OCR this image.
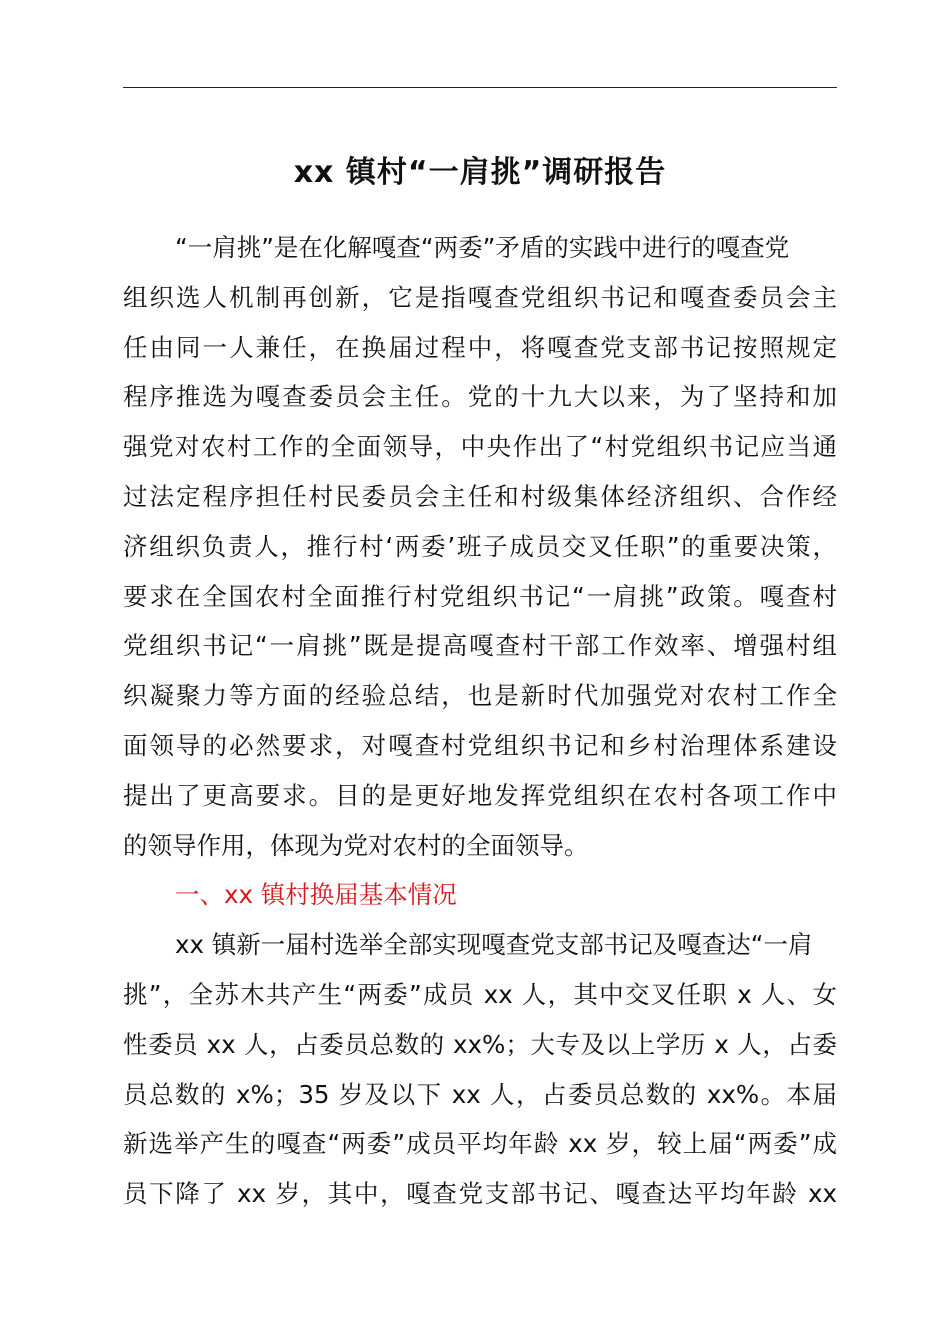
xx 镇村“一肩挑”调研报告
“一肩挑”是在化解嘎查“两委”矛盾的实践中进行的嘎查党
组织选人机制再创新，它是指嘎查党组织书记和嘎查委员会主
任由同一人兼任，在换届过程中，将嘎查党支部书记按照规定
程序推选为嘎查委员会主任。党的十九大以来，为了坚持和加
强党对农村工作的全面领导，中央作出了“村党组织书记应当通
过法定程序担任村民委员会主任和村级集体经济组织、合作经
济组织负责人，推行村‘两委’班子成员交叉任职”的重要决策，
要求在全国农村全面推行村党组织书记“一肩挑”政策。嘎查村
党组织书记“一肩挑”既是提高嘎查村干部工作效率、增强村组
织凝聚力等方面的经验总结，也是新时代加强党对农村工作全
面领导的必然要求，对嘎查村党组织书记和乡村治理体系建设
提出了更高要求。目的是更好地发挥党组织在农村各项工作中
的领导作用，体现为党对农村的全面领导。
一、xx 镇村换届基本情况
xx 镇新一届村选举全部实现嘎查党支部书记及嘎查达“一肩
挑”，全苏木共产生“两委”成员 xx 人，其中交叉任职 x 人、女
性委员 xx 人，占委员总数的 xx%；大专及以上学历 x 人，占委
员总数的 x%；35 岁及以下 xx 人，占委员总数的 xx%。本届
新选举产生的嘎查“两委”成员平均年龄 xx 岁，较上届“两委”成
员下降了 xx 岁，其中，嘎查党支部书记、嘎查达平均年龄 xx
